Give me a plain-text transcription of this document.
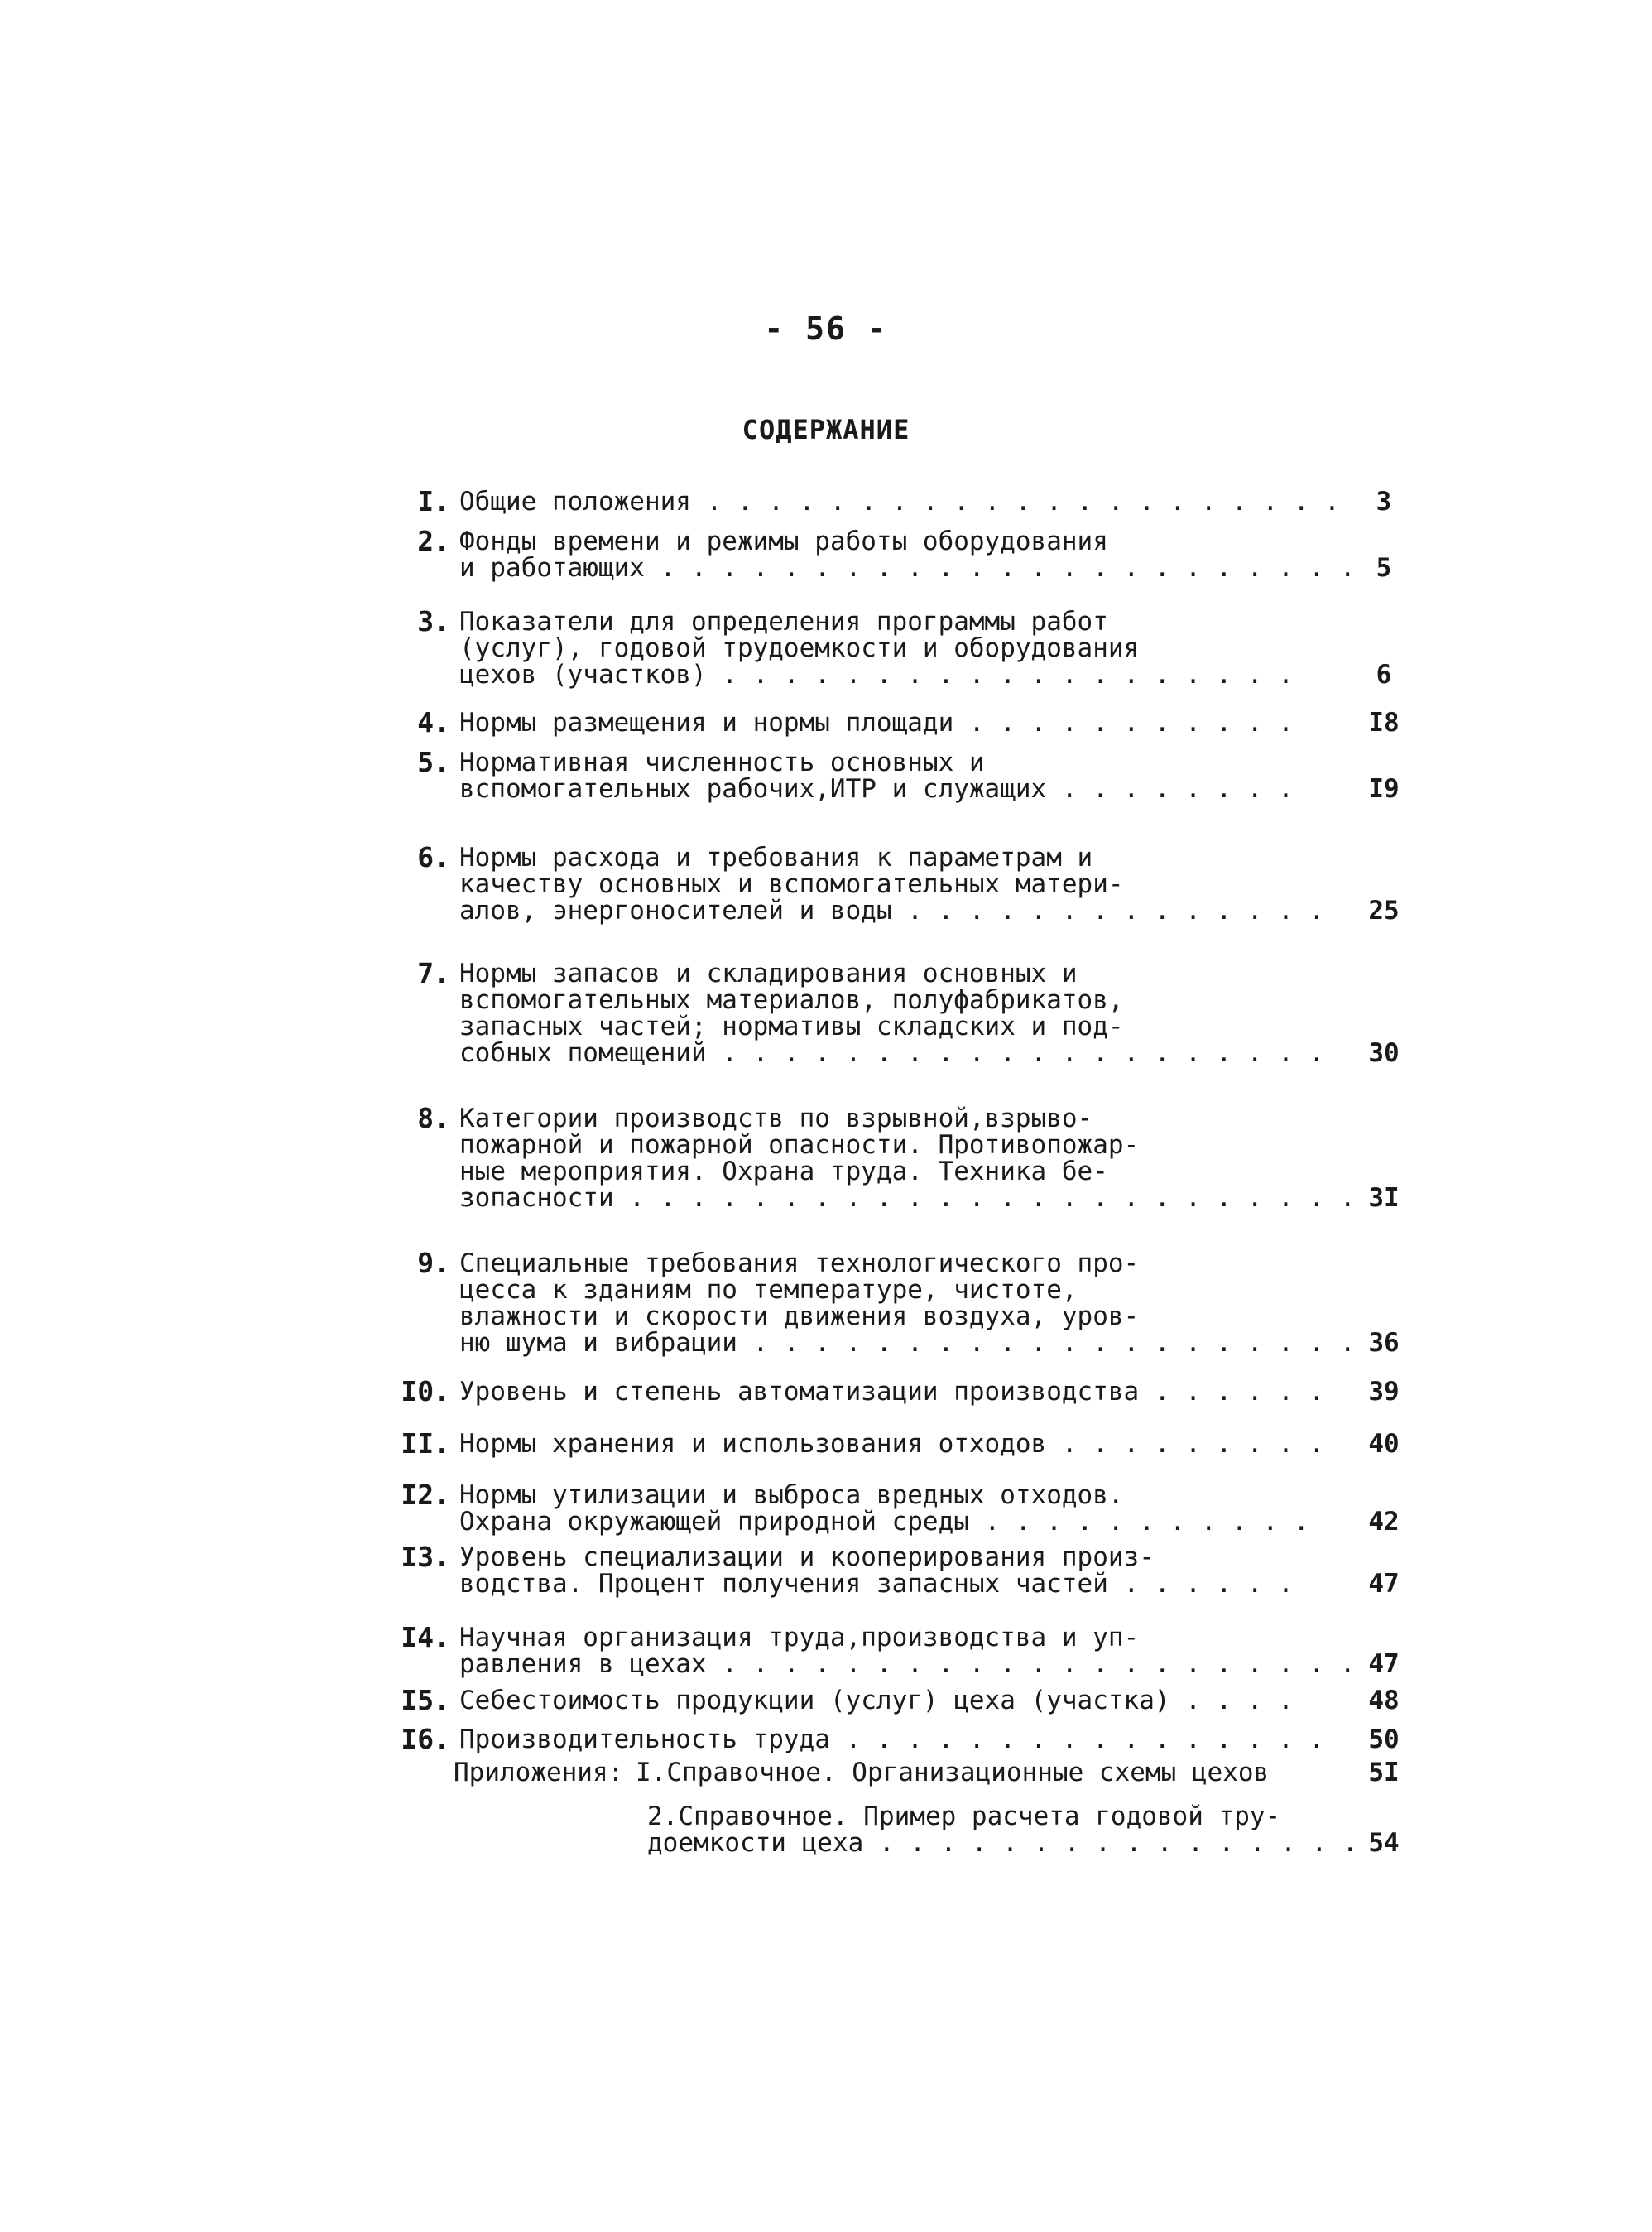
- 56 -
СОДЕРЖАНИЕ
I. Общие положения . . . . . . . . . . . . . . . . . . . . .	3
2. Фонды времени и режимы работы оборудования
и работающих . . . . . . . . . . . . . . . . . . . . . . . 5
3. Показатели для определения программы работ
(услуг), годовой трудоемкости и оборудования
цехов (участков) . . . . . . . . . . . . . . . . . . .	6
4. Нормы размещения и нормы площади . . . . . . . . . . .	I8
5. Нормативная численность основных и
вспомогательных рабочих,ИТР и служащих . . . . . . . .	I9
6. Нормы расхода и требования к параметрам и
качеству основных и вспомогательных матери-
алов, энергоносителей и воды . . . . . . . . . . . . . .	25
7. Нормы запасов и складирования основных и
вспомогательных материалов, полуфабрикатов,
запасных частей; нормативы складских и под-
собных помещений . . . . . . . . . . . . . . . . . . . .	30
8. Категории производств по взрывной,взрыво-
пожарной и пожарной опасности. Противопожар-
ные мероприятия. Охрана труда. Техника бе-
зопасности . . . . . . . . . . . . . . . . . . . . . . . . 3I
9. Специальные требования технологического про-
цесса к зданиям по температуре, чистоте,
влажности и скорости движения воздуха, уров-
ню шума и вибрации . . . . . . . . . . . . . . . . . . . . 36
I0. Уровень и степень автоматизации производства . . . . . .	39
II. Нормы хранения и использования отходов . . . . . . . . .	40
I2. Нормы утилизации и выброса вредных отходов.
Охрана окружающей природной среды . . . . . . . . . . .	42
I3. Уровень специализации и кооперирования произ-
водства. Процент получения запасных частей . . . . . .	47
I4. Научная организация труда,производства и уп-
равления в цехах . . . . . . . . . . . . . . . . . . . . . 47
I5. Себестоимость продукции (услуг) цеха (участка) . . . .	48
I6. Производительность труда . . . . . . . . . . . . . . . .	50
Приложения: I.Справочное. Организационные схемы цехов	5I
2.Справочное. Пример расчета годовой тру-
доемкости цеха . . . . . . . . . . . . . . . . 54
